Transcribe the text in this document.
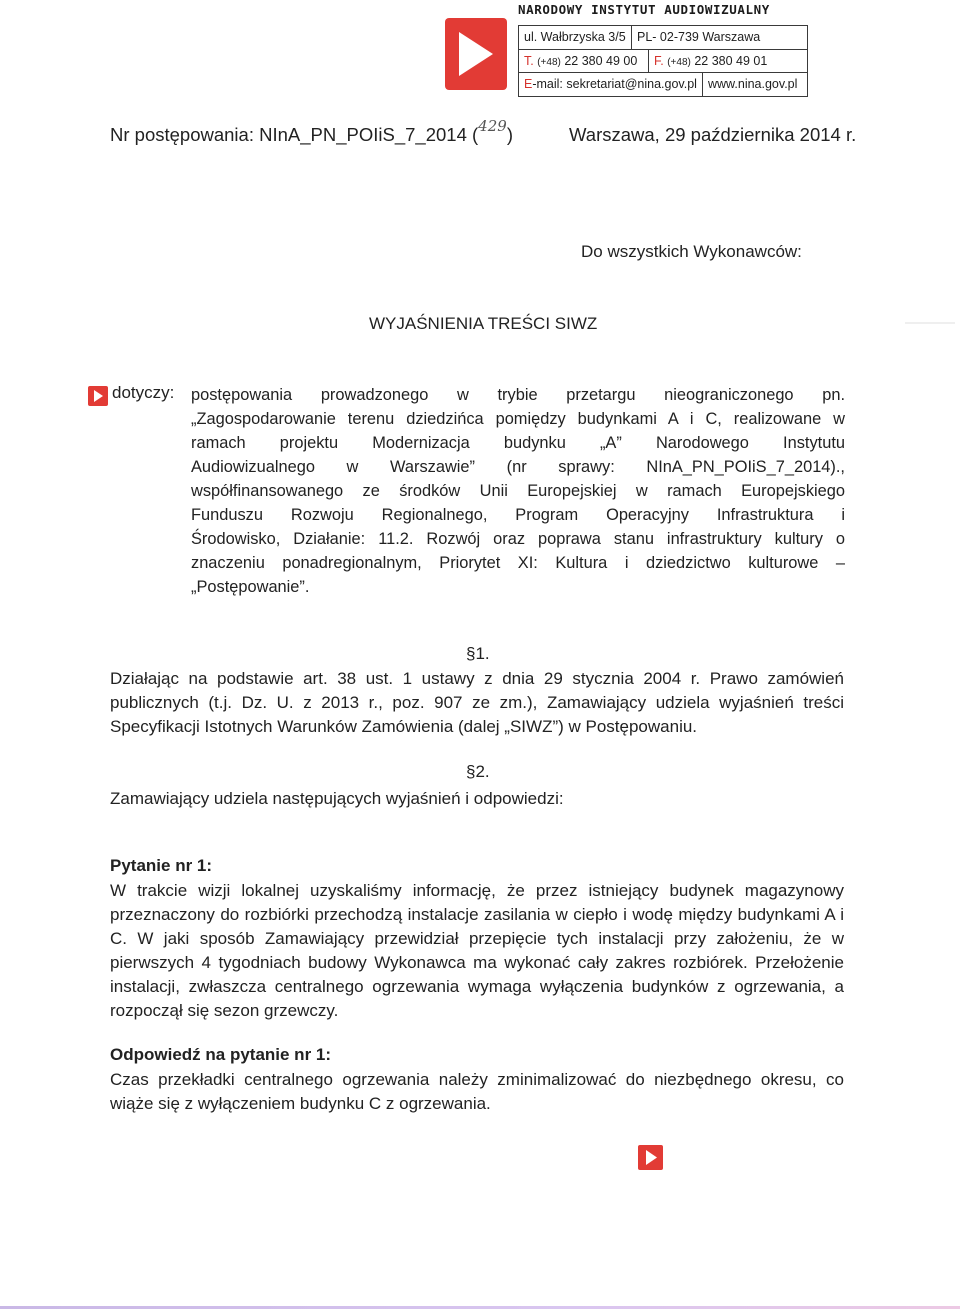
NARODOWY INSTYTUT AUDIOWIZUALNY
ul. Wałbrzyska 3/5 PL- 02-739 Warszawa
T. (+48) 22 380 49 00	F. (+48) 22 380 49 01
E-mail: sekretariat@nina.gov.pl www.nina.gov.pl
Nr postępowania: NInA_PN_POIiS_7_2014 ($^{429}$)	Warszawa, 29 października 2014 r.
Do wszystkich Wykonawców:
WYJAŚNIENIA TREŚCI SIWZ
dotyczy: postępowania prowadzonego w trybie przetargu nieograniczonego pn.
„Zagospodarowanie terenu dziedzińca pomiędzy budynkami A i C, realizowane w
ramach projektu Modernizacja budynku „A” Narodowego Instytutu
Audiowizualnego w Warszawie” (nr sprawy: NInA_PN_POIiS_7_2014).,
współfinansowanego ze środków Unii Europejskiej w ramach Europejskiego
Funduszu Rozwoju Regionalnego, Program Operacyjny Infrastruktura i
Środowisko, Działanie: 11.2. Rozwój oraz poprawa stanu infrastruktury kultury o
znaczeniu ponadregionalnym, Priorytet XI: Kultura i dziedzictwo kulturowe –
„Postępowanie”.
§1.
Działając na podstawie art. 38 ust. 1 ustawy z dnia 29 stycznia 2004 r. Prawo zamówień publicznych (t.j. Dz. U. z 2013 r., poz. 907 ze zm.), Zamawiający udziela wyjaśnień treści Specyfikacji Istotnych Warunków Zamówienia (dalej „SIWZ”) w Postępowaniu.
§2.
Zamawiający udziela następujących wyjaśnień i odpowiedzi:
Pytanie nr 1:
W trakcie wizji lokalnej uzyskaliśmy informację, że przez istniejący budynek magazynowy przeznaczony do rozbiórki przechodzą instalacje zasilania w ciepło i wodę między budynkami A i C. W jaki sposób Zamawiający przewidział przepięcie tych instalacji przy założeniu, że w pierwszych 4 tygodniach budowy Wykonawca ma wykonać cały zakres rozbiórek. Przełożenie instalacji, zwłaszcza centralnego ogrzewania wymaga wyłączenia budynków z ogrzewania, a rozpoczął się sezon grzewczy.
Odpowiedź na pytanie nr 1:
Czas przekładki centralnego ogrzewania należy zminimalizować do niezbędnego okresu, co wiąże się z wyłączeniem budynku C z ogrzewania.
